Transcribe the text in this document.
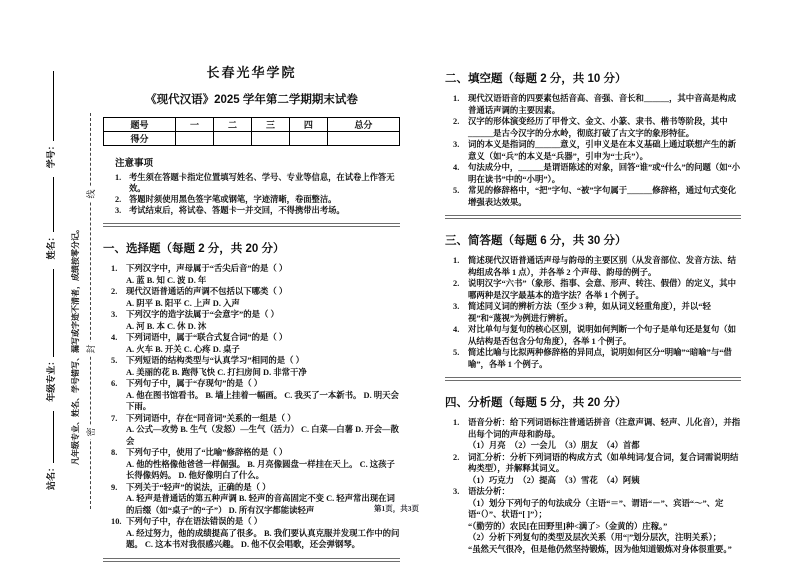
站名： 年级专业： 姓名： 学号：
凡年级专业、姓名、学号错写、漏写或字迹不清者，成绩按零分记。
线
封
密
长春光华学院
《现代汉语》2025 学年第二学期期末试卷
题号	一	二	三	四	总分
得分					
注意事项
1. 考生须在答题卡指定位置填写姓名、学号、专业等信息，在试卷上作答无效。
2. 答题时须使用黑色签字笔或钢笔，字迹清晰，卷面整洁。
3. 考试结束后，将试卷、答题卡一并交回，不得携带出考场。
一、选择题（每题 2 分，共 20 分）
1.	下列汉字中，声母属于“舌尖后音”的是（ ）
A. 蓝 B. 知 C. 波 D. 年
2.	现代汉语普通话的声调不包括以下哪类（ ）
A. 阴平 B. 阳平 C. 上声 D. 入声
3.	下列汉字的造字法属于“会意字”的是（ ）
A. 河 B. 本 C. 休 D. 沐
4.	下列词语中，属于“联合式复合词”的是（ ）
A. 火车 B. 开关 C. 心疼 D. 桌子
5.	下列短语的结构类型与“认真学习”相同的是（ ）
A. 美丽的花 B. 跑得飞快 C. 打扫房间 D. 非常干净
6.	下列句子中，属于“存现句”的是（ ）
A. 他在图书馆看书。 B. 墙上挂着一幅画。 C. 我买了一本新书。 D. 明天会下雨。
7.	下列词语中，存在“同音词”关系的一组是（ ）
A. 公式—攻势 B. 生气（发怒）—生气（活力） C. 白菜—白薯 D. 开会—散会
8.	下列句子中，使用了“比喻”修辞格的是（ ）
A. 他的性格像他爸爸一样倔强。 B. 月亮像圆盘一样挂在天上。 C. 这孩子长得像妈妈。 D. 他好像明白了什么。
9.	下列关于“轻声”的说法，正确的是（ ）
A. 轻声是普通话的第五种声调 B. 轻声的音高固定不变 C. 轻声常出现在词的后缀（如“桌子”的“子”） D. 所有汉字都能读轻声
10. 下列句子中，存在语法错误的是（ ）
A. 经过努力，他的成绩提高了很多。 B. 我们要认真克服并发现工作中的问题。 C. 这本书对我很感兴趣。 D. 他不仅会唱歌，还会弹钢琴。
二、填空题（每题 2 分，共 10 分）
1.	现代汉语语音的四要素包括音高、音强、音长和______，其中音高是构成普通话声调的主要因素。
2.	汉字的形体演变经历了甲骨文、金文、小篆、隶书、楷书等阶段，其中______是古今汉字的分水岭，彻底打破了古文字的象形特征。
3.	词的本义是指词的______意义，引申义是在本义基础上通过联想产生的新意义（如“兵”的本义是“兵器”，引申为“士兵”）。
4.	句法成分中，______是谓语陈述的对象，回答“谁”或“什么”的问题（如“小明在读书”中的“小明”）。
5.	常见的修辞格中，“把”字句、“被”字句属于______修辞格，通过句式变化增强表达效果。
三、简答题（每题 6 分，共 30 分）
1.	简述现代汉语普通话声母与韵母的主要区别（从发音部位、发音方法、结构组成各举 1 点），并各举 2 个声母、韵母的例子。
2.	说明汉字“六书”（象形、指事、会意、形声、转注、假借）的定义，其中哪两种是汉字最基本的造字法？各举 1 个例子。
3.	简述同义词的辨析方法（至少 3 种，如从词义轻重角度），并以“轻视”和“蔑视”为例进行辨析。
4.	对比单句与复句的核心区别，说明如何判断一个句子是单句还是复句（如从结构是否包含分句角度），各举 1 个例子。
5.	简述比喻与比拟两种修辞格的异同点，说明如何区分“明喻”“暗喻”与“借喻”，各举 1 个例子。
四、分析题（每题 5 分，共 20 分）
1.	语音分析：给下列词语标注普通话拼音（注意声调、轻声、儿化音），并指出每个词的声母和韵母。
（1）月亮　（2）一会儿　（3）朋友　（4）首都
2.	词汇分析：分析下列词语的构成方式（如单纯词/复合词，复合词需说明结构类型），并解释其词义。
（1）巧克力　（2）提高　（3）雪花　（4）阿姨
3.	语法分析：
（1）划分下列句子的句法成分（主语“＝”、谓语“－”、宾语“～”、定语“（）”、状语“[ ]”）；
“（勤劳的）农民[在田野里]种<满了>（金黄的）庄稼。”
（2）分析下列复句的类型及层次关系（用“|”划分层次，注明关系）；
“虽然天气很冷，但是他仍然坚持锻炼，因为他知道锻炼对身体很重要。”
第1页，共3页
